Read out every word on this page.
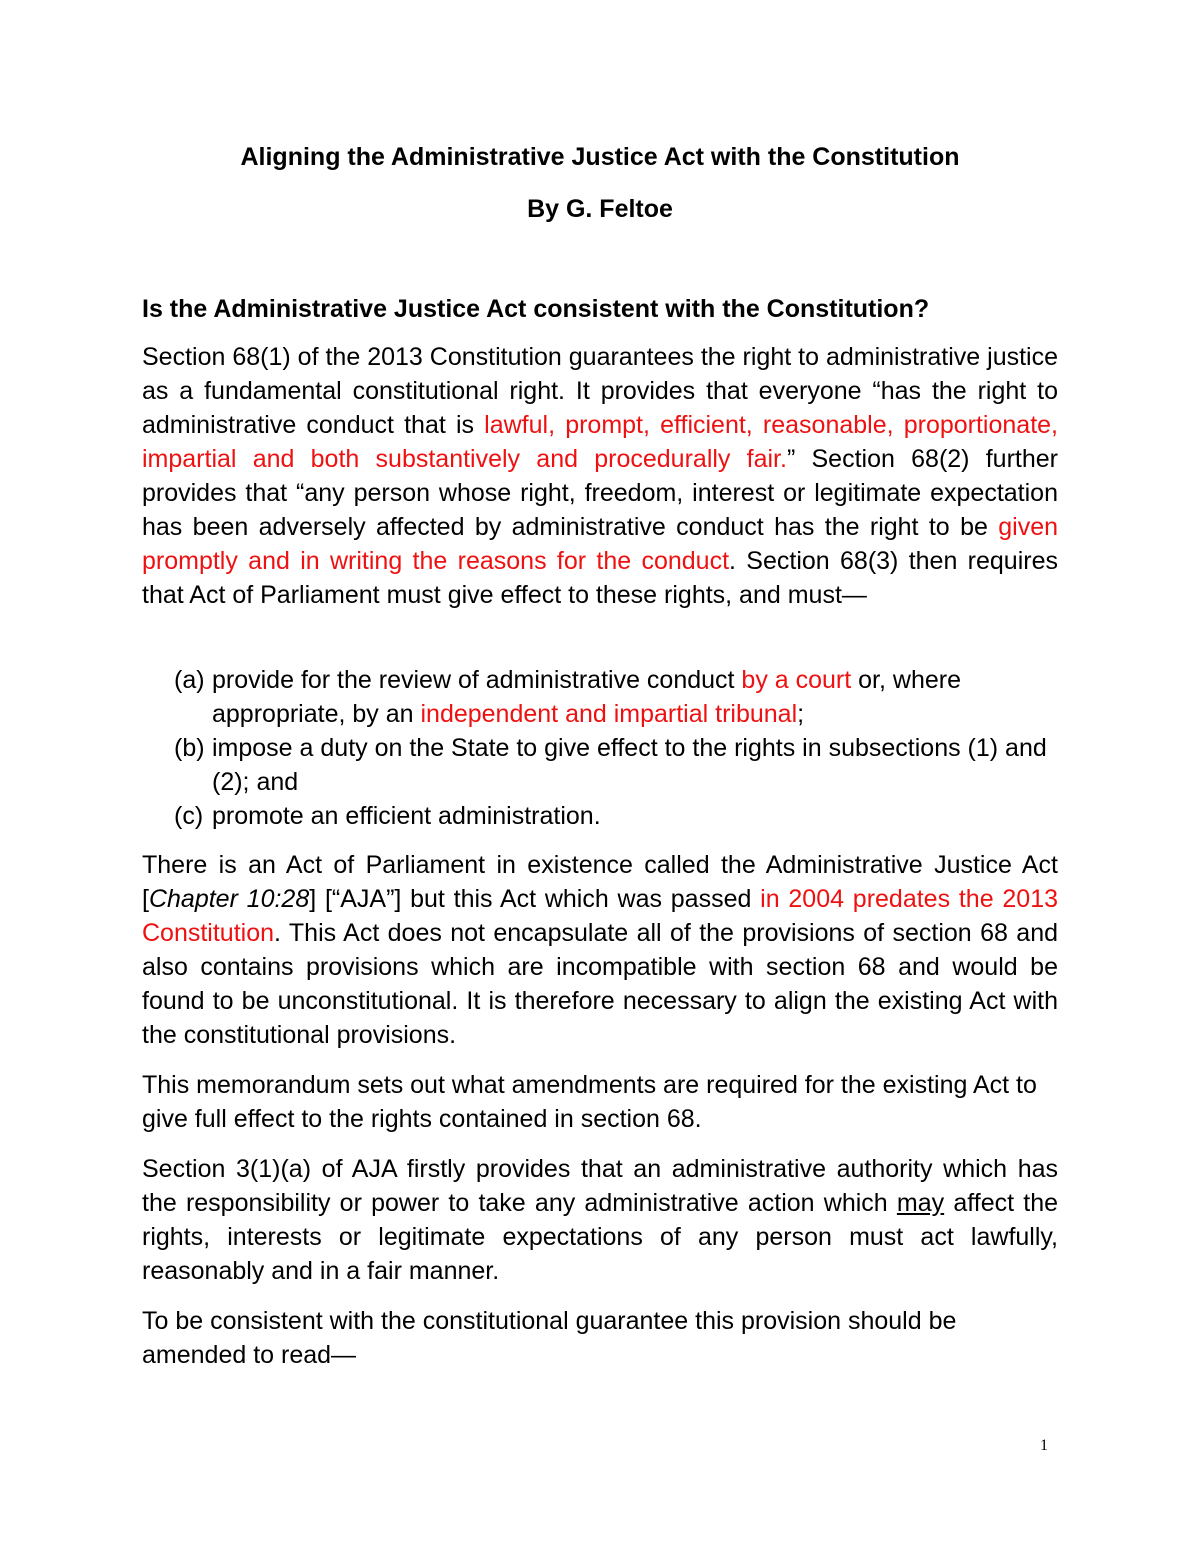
Aligning the Administrative Justice Act with the Constitution

By G. Feltoe

Is the Administrative Justice Act consistent with the Constitution?

Section 68(1) of the 2013 Constitution guarantees the right to administrative justice as a fundamental constitutional right. It provides that everyone “has the right to administrative conduct that is lawful, prompt, efficient, reasonable, proportionate, impartial and both substantively and procedurally fair.” Section 68(2) further provides that “any person whose right, freedom, interest or legitimate expectation has been adversely affected by administrative conduct has the right to be given promptly and in writing the reasons for the conduct. Section 68(3) then requires that Act of Parliament must give effect to these rights, and must—

(a) provide for the review of administrative conduct by a court or, where appropriate, by an independent and impartial tribunal;
(b) impose a duty on the State to give effect to the rights in subsections (1) and (2); and
(c) promote an efficient administration.

There is an Act of Parliament in existence called the Administrative Justice Act [Chapter 10:28] [“AJA”] but this Act which was passed in 2004 predates the 2013 Constitution. This Act does not encapsulate all of the provisions of section 68 and also contains provisions which are incompatible with section 68 and would be found to be unconstitutional. It is therefore necessary to align the existing Act with the constitutional provisions.

This memorandum sets out what amendments are required for the existing Act to give full effect to the rights contained in section 68.

Section 3(1)(a) of AJA firstly provides that an administrative authority which has the responsibility or power to take any administrative action which may affect the rights, interests or legitimate expectations of any person must act lawfully, reasonably and in a fair manner.

To be consistent with the constitutional guarantee this provision should be amended to read—

1
